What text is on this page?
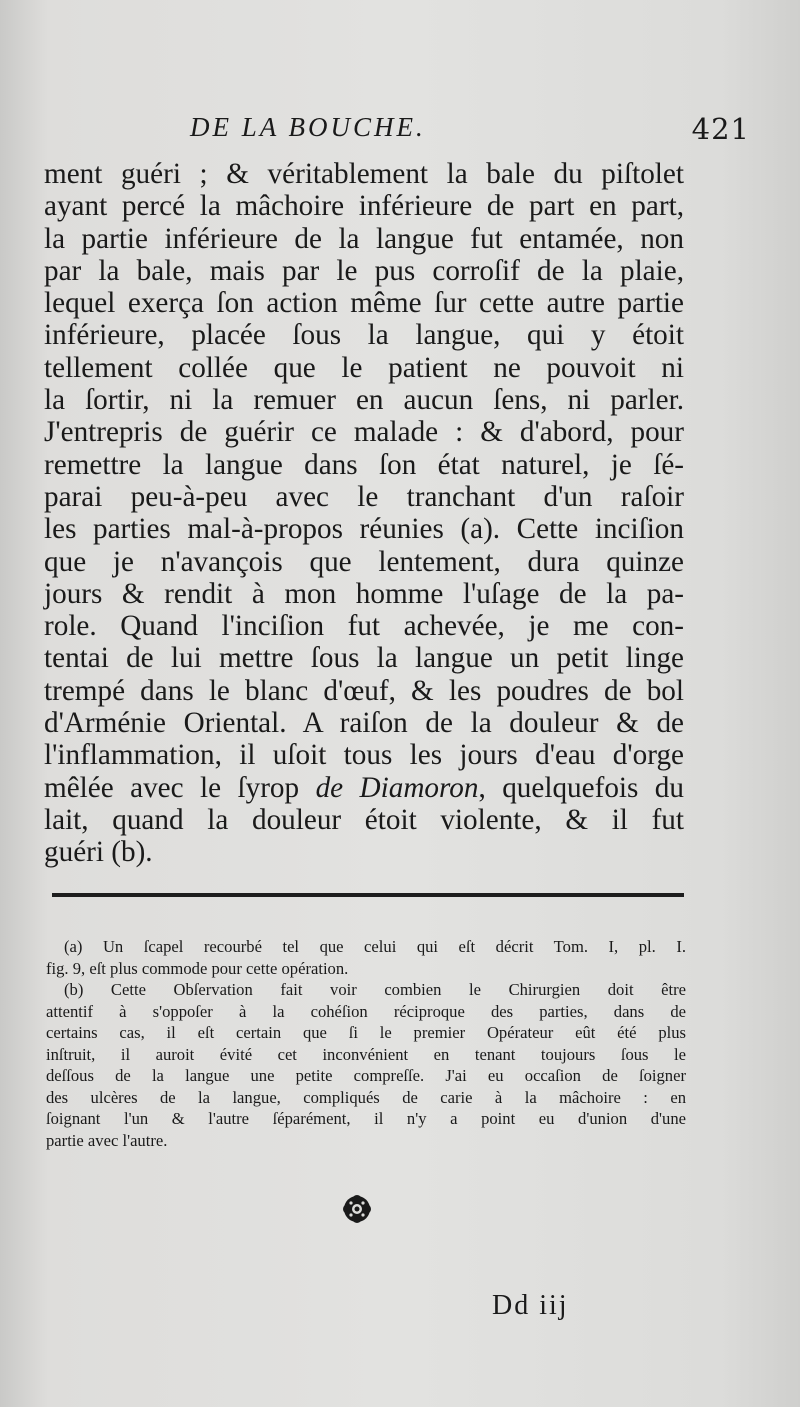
DE LA BOUCHE.	421
ment guéri ; & véritablement la bale du piſtolet
ayant percé la mâchoire inférieure de part en part,
la partie inférieure de la langue fut entamée, non
par la bale, mais par le pus corroſif de la plaie,
lequel exerça ſon action même ſur cette autre partie
inférieure, placée ſous la langue, qui y étoit
tellement collée que le patient ne pouvoit ni
la ſortir, ni la remuer en aucun ſens, ni parler.
J'entrepris de guérir ce malade : & d'abord, pour
remettre la langue dans ſon état naturel, je ſé-
parai peu-à-peu avec le tranchant d'un raſoir
les parties mal-à-propos réunies (a). Cette inciſion
que je n'avançois que lentement, dura quinze
jours & rendit à mon homme l'uſage de la pa-
role. Quand l'inciſion fut achevée, je me con-
tentai de lui mettre ſous la langue un petit linge
trempé dans le blanc d'œuf, & les poudres de bol
d'Arménie Oriental. A raiſon de la douleur & de
l'inflammation, il uſoit tous les jours d'eau d'orge
mêlée avec le ſyrop de Diamoron, quelquefois du
lait, quand la douleur étoit violente, & il fut
guéri (b).
(a) Un ſcapel recourbé tel que celui qui eſt décrit Tom. I, pl. I.
fig. 9, eſt plus commode pour cette opération.
(b) Cette Obſervation fait voir combien le Chirurgien doit être
attentif à s'oppoſer à la cohéſion réciproque des parties, dans de
certains cas, il eſt certain que ſi le premier Opérateur eût été plus
inſtruit, il auroit évité cet inconvénient en tenant toujours ſous le
deſſous de la langue une petite compreſſe. J'ai eu occaſion de ſoigner
des ulcères de la langue, compliqués de carie à la mâchoire : en
ſoignant l'un & l'autre ſéparément, il n'y a point eu d'union d'une
partie avec l'autre.
Dd iij
